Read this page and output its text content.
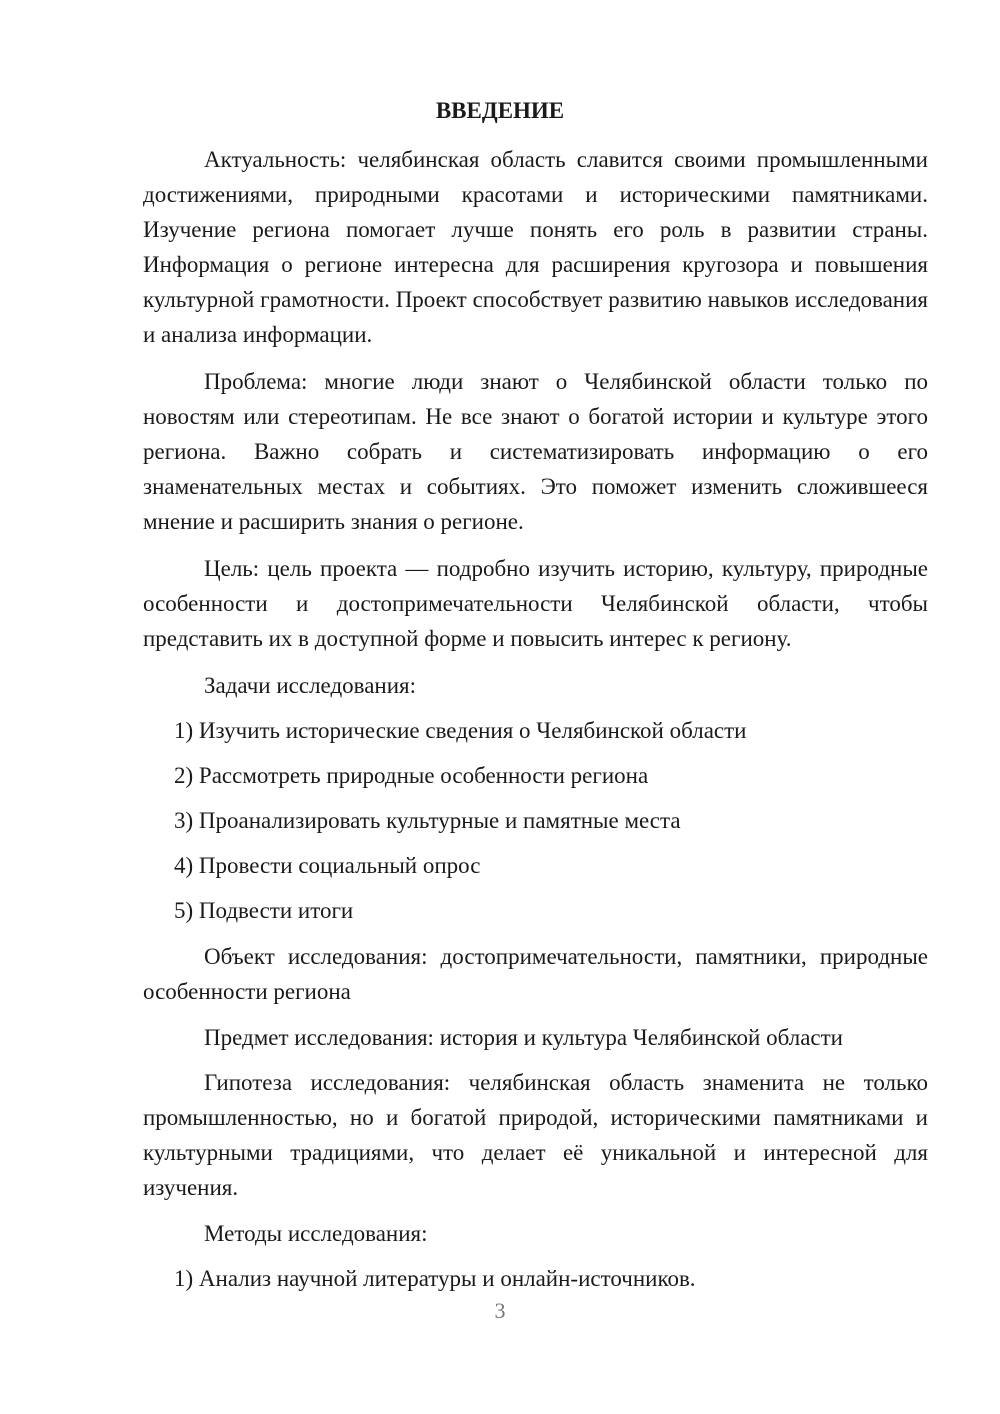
ВВЕДЕНИЕ

Актуальность: челябинская область славится своими промышленными достижениями, природными красотами и историческими памятниками. Изучение региона помогает лучше понять его роль в развитии страны. Информация о регионе интересна для расширения кругозора и повышения культурной грамотности. Проект способствует развитию навыков исследования и анализа информации.

Проблема: многие люди знают о Челябинской области только по новостям или стереотипам. Не все знают о богатой истории и культуре этого региона. Важно собрать и систематизировать информацию о его знаменательных местах и событиях. Это поможет изменить сложившееся мнение и расширить знания о регионе.

Цель: цель проекта — подробно изучить историю, культуру, природные особенности и достопримечательности Челябинской области, чтобы представить их в доступной форме и повысить интерес к региону.

Задачи исследования:

1) Изучить исторические сведения о Челябинской области

2) Рассмотреть природные особенности региона

3) Проанализировать культурные и памятные места

4) Провести социальный опрос

5) Подвести итоги

Объект исследования: достопримечательности, памятники, природные особенности региона

Предмет исследования: история и культура Челябинской области

Гипотеза исследования: челябинская область знаменита не только промышленностью, но и богатой природой, историческими памятниками и культурными традициями, что делает её уникальной и интересной для изучения.

Методы исследования:

1) Анализ научной литературы и онлайн-источников.

3
